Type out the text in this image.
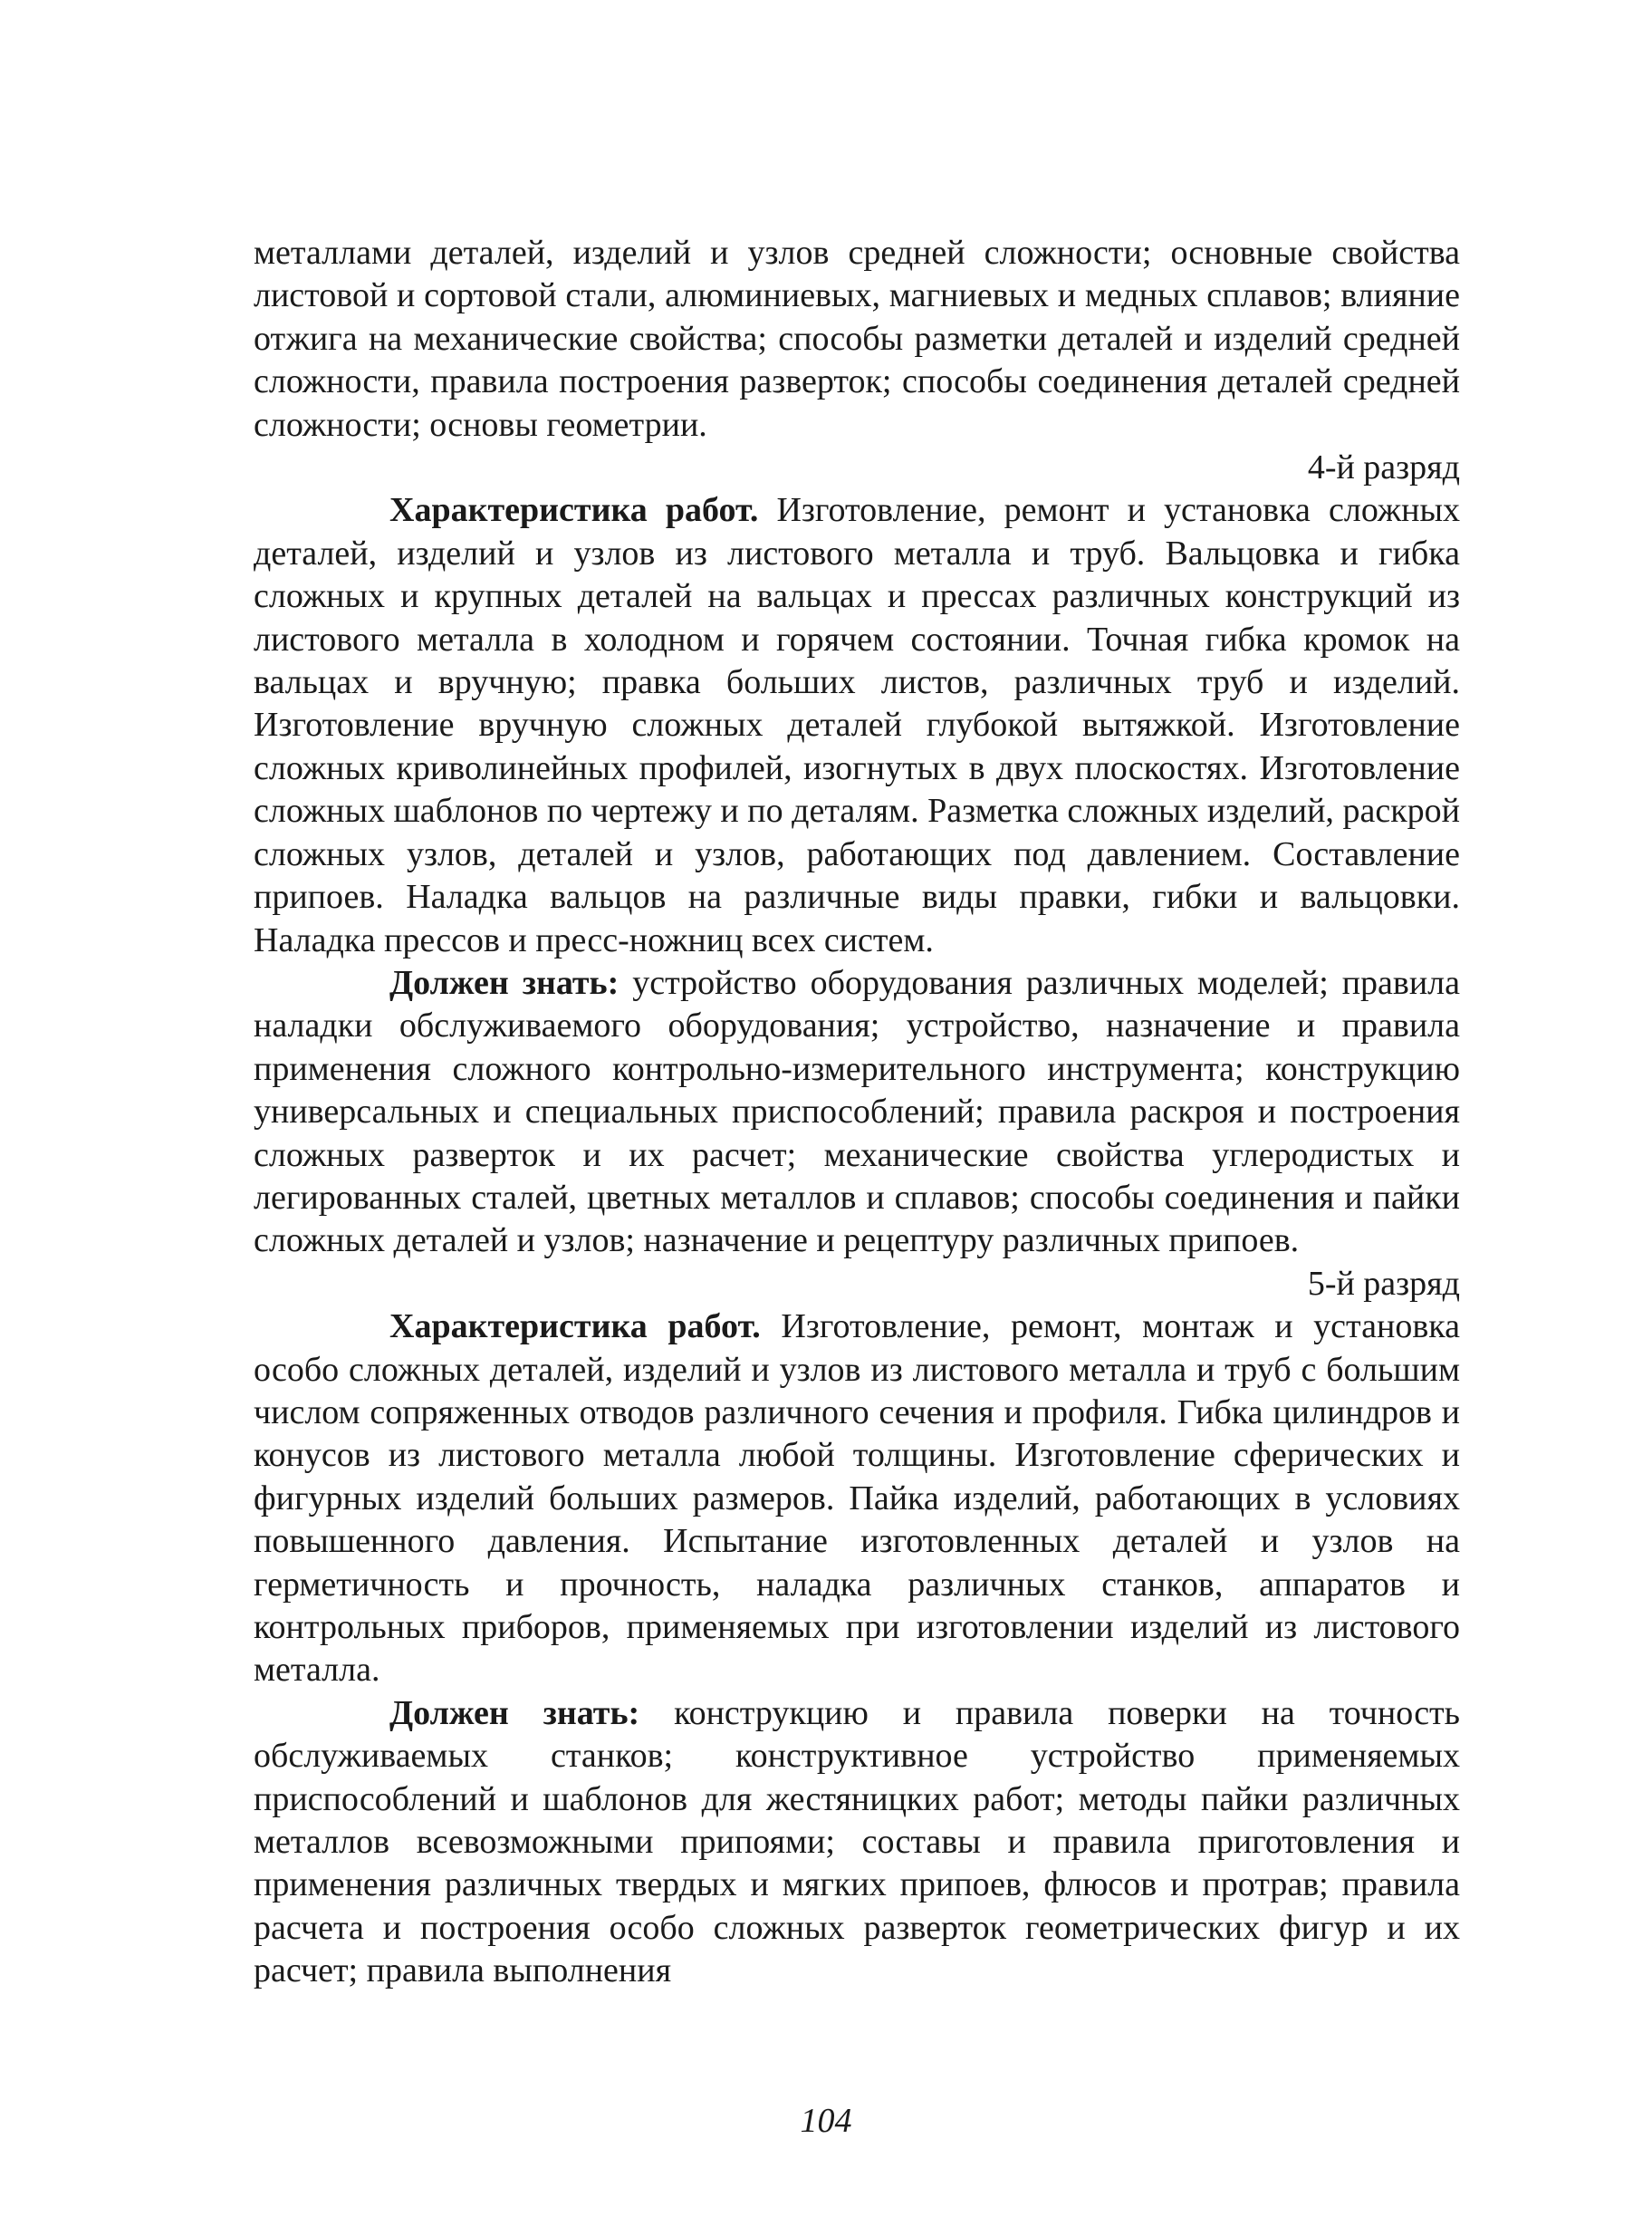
металлами деталей, изделий и узлов средней сложности; основные свойства листовой и сортовой стали, алюминиевых, магниевых и медных сплавов; влияние отжига на механические свойства; способы разметки деталей и изделий средней сложности, правила построения разверток; способы соединения деталей средней сложности; основы геометрии.

4-й разряд

Характеристика работ. Изготовление, ремонт и установка сложных деталей, изделий и узлов из листового металла и труб. Вальцовка и гибка сложных и крупных деталей на вальцах и прессах различных конструкций из листового металла в холодном и горячем состоянии. Точная гибка кромок на вальцах и вручную; правка больших листов, различных труб и изделий. Изготовление вручную сложных деталей глубокой вытяжкой. Изготовление сложных криволинейных профилей, изогнутых в двух плоскостях. Изготовление сложных шаблонов по чертежу и по деталям. Разметка сложных изделий, раскрой сложных узлов, деталей и узлов, работающих под давлением. Составление припоев. Наладка вальцов на различные виды правки, гибки и вальцовки. Наладка прессов и пресс-ножниц всех систем.

Должен знать: устройство оборудования различных моделей; правила наладки обслуживаемого оборудования; устройство, назначение и правила применения сложного контрольно-измерительного инструмента; конструкцию универсальных и специальных приспособлений; правила раскроя и построения сложных разверток и их расчет; механические свойства углеродистых и легированных сталей, цветных металлов и сплавов; способы соединения и пайки сложных деталей и узлов; назначение и рецептуру различных припоев.

5-й разряд

Характеристика работ. Изготовление, ремонт, монтаж и установка особо сложных деталей, изделий и узлов из листового металла и труб с большим числом сопряженных отводов различного сечения и профиля. Гибка цилиндров и конусов из листового металла любой толщины. Изготовление сферических и фигурных изделий больших размеров. Пайка изделий, работающих в условиях повышенного давления. Испытание изготовленных деталей и узлов на герметичность и прочность, наладка различных станков, аппаратов и контрольных приборов, применяемых при изготовлении изделий из листового металла.

Должен знать: конструкцию и правила поверки на точность обслуживаемых станков; конструктивное устройство применяемых приспособлений и шаблонов для жестяницких работ; методы пайки различных металлов всевозможными припоями; составы и правила приготовления и применения различных твердых и мягких припоев, флюсов и протрав; правила расчета и построения особо сложных разверток геометрических фигур и их расчет; правила выполнения

104
